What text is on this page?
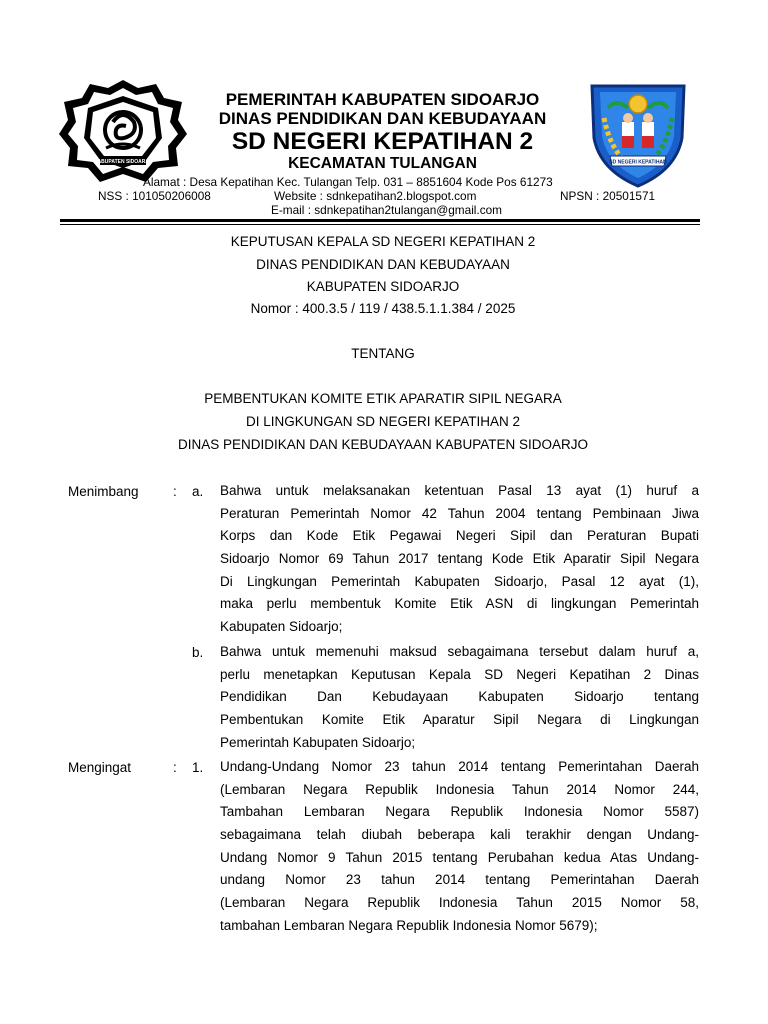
KABUPATEN SIDOARJO	SD NEGERI KEPATIHAN
PEMERINTAH KABUPATEN SIDOARJO
DINAS PENDIDIKAN DAN KEBUDAYAAN
SD NEGERI KEPATIHAN 2
KECAMATAN TULANGAN
Alamat : Desa Kepatihan Kec. Tulangan Telp. 031 – 8851604 Kode Pos 61273
NSS : 101050206008	Website : sdnkepatihan2.blogspot.com	NPSN : 20501571
E-mail : sdnkepatihan2tulangan@gmail.com
KEPUTUSAN KEPALA SD NEGERI KEPATIHAN 2
DINAS PENDIDIKAN DAN KEBUDAYAAN
KABUPATEN SIDOARJO
Nomor : 400.3.5 / 119 / 438.5.1.1.384 / 2025
TENTANG
PEMBENTUKAN KOMITE ETIK APARATIR SIPIL NEGARA
DI LINGKUNGAN SD NEGERI KEPATIHAN 2
DINAS PENDIDIKAN DAN KEBUDAYAAN KABUPATEN SIDOARJO
Menimbang	: a. Bahwa untuk melaksanakan ketentuan Pasal 13 ayat (1) huruf a
Peraturan Pemerintah Nomor 42 Tahun 2004 tentang Pembinaan Jiwa
Korps dan Kode Etik Pegawai Negeri Sipil dan Peraturan Bupati
Sidoarjo Nomor 69 Tahun 2017 tentang Kode Etik Aparatir Sipil Negara
Di Lingkungan Pemerintah Kabupaten Sidoarjo, Pasal 12 ayat (1),
maka perlu membentuk Komite Etik ASN di lingkungan Pemerintah
Kabupaten Sidoarjo;
b. Bahwa untuk memenuhi maksud sebagaimana tersebut dalam huruf a,
perlu menetapkan Keputusan Kepala SD Negeri Kepatihan 2 Dinas
Pendidikan Dan Kebudayaan Kabupaten Sidoarjo tentang
Pembentukan Komite Etik Aparatur Sipil Negara di Lingkungan
Pemerintah Kabupaten Sidoarjo;
Mengingat	: 1. Undang-Undang Nomor 23 tahun 2014 tentang Pemerintahan Daerah
(Lembaran Negara Republik Indonesia Tahun 2014 Nomor 244,
Tambahan Lembaran Negara Republik Indonesia Nomor 5587)
sebagaimana telah diubah beberapa kali terakhir dengan Undang-
Undang Nomor 9 Tahun 2015 tentang Perubahan kedua Atas Undang-
undang Nomor 23 tahun 2014 tentang Pemerintahan Daerah
(Lembaran Negara Republik Indonesia Tahun 2015 Nomor 58,
tambahan Lembaran Negara Republik Indonesia Nomor 5679);
